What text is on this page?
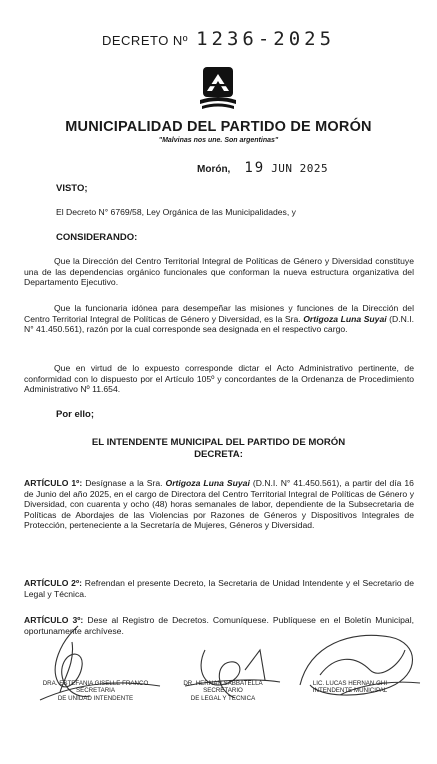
DECRETO Nº 1236-2025
MUNICIPALIDAD DEL PARTIDO DE MORÓN
"Malvinas nos une. Son argentinas"
Morón, 19 JUN 2025
VISTO;
El Decreto N° 6769/58, Ley Orgánica de las Municipalidades, y
CONSIDERANDO:
Que la Dirección del Centro Territorial Integral de Políticas de Género y Diversidad constituye una de las dependencias orgánico funcionales que conforman la nueva estructura organizativa del Departamento Ejecutivo.
Que la funcionaria idónea para desempeñar las misiones y funciones de la Dirección del Centro Territorial Integral de Políticas de Género y Diversidad, es la Sra. Ortigoza Luna Suyai (D.N.I. N° 41.450.561), razón por la cual corresponde sea designada en el respectivo cargo.
Que en virtud de lo expuesto corresponde dictar el Acto Administrativo pertinente, de conformidad con lo dispuesto por el Artículo 105º y concordantes de la Ordenanza de Procedimiento Administrativo Nº 11.654.
Por ello;
EL INTENDENTE MUNICIPAL DEL PARTIDO DE MORÓN
DECRETA:
ARTÍCULO 1º: Desígnase a la Sra. Ortigoza Luna Suyai (D.N.I. N° 41.450.561), a partir del día 16 de Junio del año 2025, en el cargo de Directora del Centro Territorial Integral de Políticas de Género y Diversidad, con cuarenta y ocho (48) horas semanales de labor, dependiente de la Subsecretaria de Políticas de Abordajes de las Violencias por Razones de Géneros y Dispositivos Integrales de Protección, perteneciente a la Secretaría de Mujeres, Géneros y Diversidad.
ARTÍCULO 2º: Refrendan el presente Decreto, la Secretaria de Unidad Intendente y el Secretario de Legal y Técnica.
ARTÍCULO 3º: Dese al Registro de Decretos. Comuníquese. Publíquese en el Boletín Municipal, oportunamente archívese.
DRA. ESTEFANIA GISELLE FRANCO
SECRETARIA
DE UNIDAD INTENDENTE
DR. HERNAN SABBATELLA
SECRETARIO
DE LEGAL Y TECNICA
LIC. LUCAS HERNAN GHI
INTENDENTE MUNICIPAL
